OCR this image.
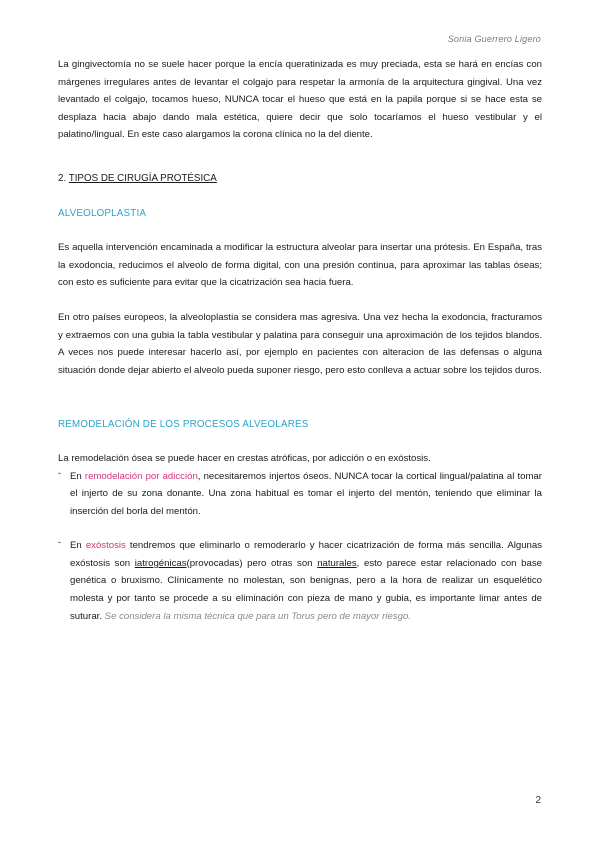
Sonia Guerrero Ligero

La gingivectomía no se suele hacer porque la encía queratinizada es muy preciada, esta se hará en encías con márgenes irregulares antes de levantar el colgajo para respetar la armonía de la arquitectura gingival. Una vez levantado el colgajo, tocamos hueso, NUNCA tocar el hueso que está en la papila porque si se hace esta se desplaza hacia abajo dando mala estética, quiere decir que solo tocaríamos el hueso vestibular y el palatino/lingual. En este caso alargamos la corona clínica no la del diente.

2. TIPOS DE CIRUGÍA PROTÉSICA
ALVEOLOPLASTIA

Es aquella intervención encaminada a modificar la estructura alveolar para insertar una prótesis. En España, tras la exodoncia, reducimos el alveolo de forma digital, con una presión continua, para aproximar las tablas óseas; con esto es suficiente para evitar que la cicatrización sea hacia fuera.

En otro países europeos, la alveoloplastia se considera mas agresiva. Una vez hecha la exodoncia, fracturamos y extraemos con una gubia la tabla vestibular y palatina para conseguir una aproximación de los tejidos blandos. A veces nos puede interesar hacerlo así, por ejemplo en pacientes con alteracion de las defensas o alguna situación donde dejar abierto el alveolo pueda suponer riesgo, pero esto conlleva a actuar sobre los tejidos duros.

REMODELACIÓN DE LOS PROCESOS ALVEOLARES

La remodelación ósea se puede hacer en crestas atróficas, por adicción o en exóstosis.

- En remodelación por adicción, necesitaremos injertos óseos. NUNCA tocar la cortical lingual/palatina al tomar el injerto de su zona donante. Una zona habitual es tomar el injerto del mentón, teniendo que eliminar la inserción del borla del mentón.
- En exóstosis tendremos que eliminarlo o remoderarlo y hacer cicatrización de forma más sencilla. Algunas exóstosis son iatrogénicas(provocadas) pero otras son naturales, esto parece estar relacionado con base genética o bruxismo. Clínicamente no molestan, son benignas, pero a la hora de realizar un esquelético molesta y por tanto se procede a su eliminación con pieza de mano y gubia, es importante limar antes de suturar. Se considera la misma técnica que para un Torus pero de mayor riesgo.
2
